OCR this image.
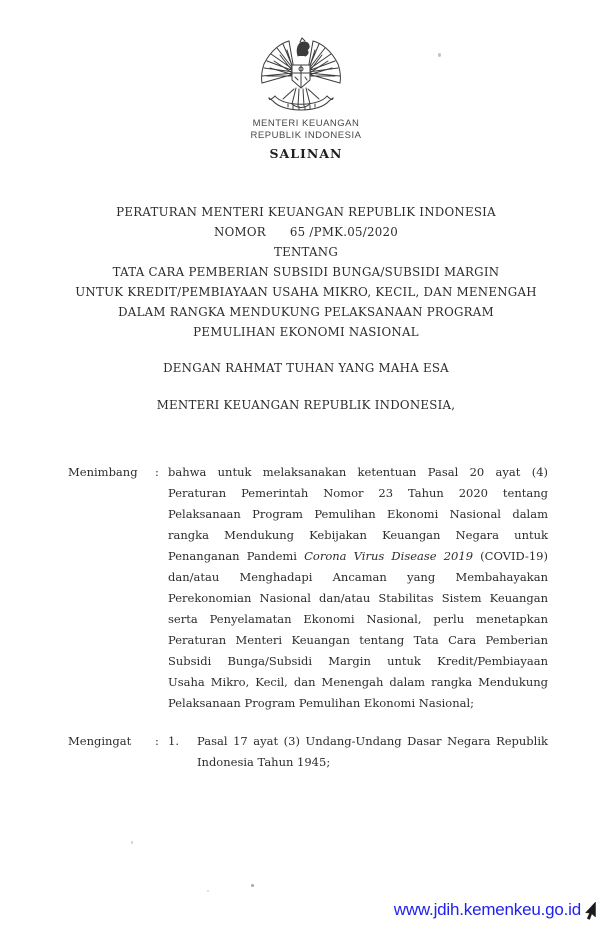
MENTERI KEUANGAN
REPUBLIK INDONESIA
SALINAN
PERATURAN MENTERI KEUANGAN REPUBLIK INDONESIA
NOMOR      65 /PMK.05/2020
TENTANG
TATA CARA PEMBERIAN SUBSIDI BUNGA/SUBSIDI MARGIN
UNTUK KREDIT/PEMBIAYAAN USAHA MIKRO, KECIL, DAN MENENGAH
DALAM RANGKA MENDUKUNG PELAKSANAAN PROGRAM
PEMULIHAN EKONOMI NASIONAL
DENGAN RAHMAT TUHAN YANG MAHA ESA
MENTERI KEUANGAN REPUBLIK INDONESIA,
Menimbang	: bahwa untuk melaksanakan ketentuan Pasal 20 ayat (4)
Peraturan Pemerintah Nomor 23 Tahun 2020 tentang
Pelaksanaan Program Pemulihan Ekonomi Nasional dalam
rangka Mendukung Kebijakan Keuangan Negara untuk
Penanganan Pandemi Corona Virus Disease 2019 (COVID-19)
dan/atau Menghadapi Ancaman yang Membahayakan
Perekonomian Nasional dan/atau Stabilitas Sistem Keuangan
serta Penyelamatan Ekonomi Nasional, perlu menetapkan
Peraturan Menteri Keuangan tentang Tata Cara Pemberian
Subsidi Bunga/Subsidi Margin untuk Kredit/Pembiayaan
Usaha Mikro, Kecil, dan Menengah dalam rangka Mendukung
Pelaksanaan Program Pemulihan Ekonomi Nasional;
Mengingat	: 1.	Pasal 17 ayat (3) Undang-Undang Dasar Negara Republik
Indonesia Tahun 1945;
www.jdih.kemenkeu.go.id
